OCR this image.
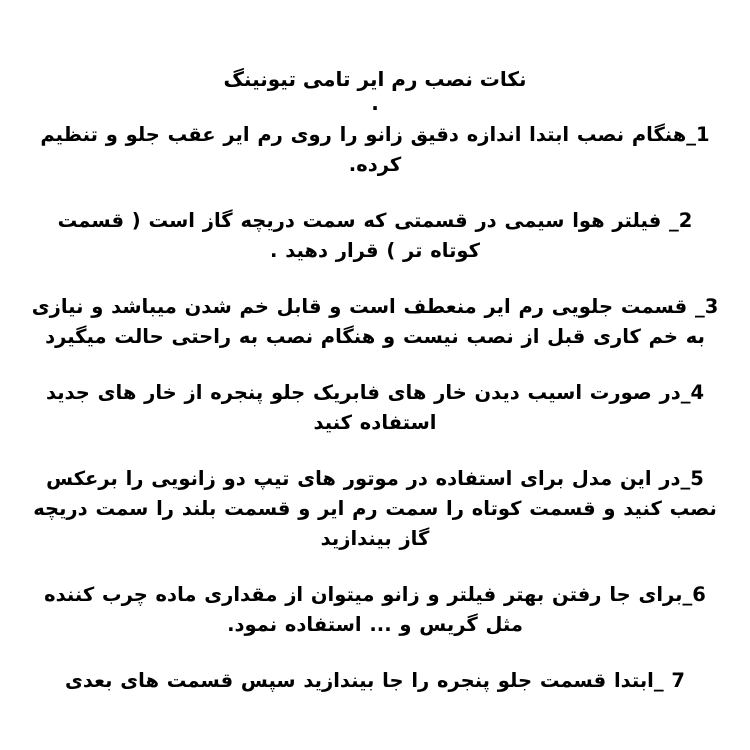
نکات نصب رم ایر تامی تیونینگ
.

1_هنگام نصب ابتدا اندازه دقیق زانو را روی رم ایر عقب جلو و تنظیم کرده.

2_ فیلتر هوا سیمی در قسمتی که سمت دریچه گاز است ( قسمت کوتاه تر ) قرار دهید .

3_ قسمت جلویی رم ایر منعطف است و قابل خم شدن میباشد و نیازی به خم کاری قبل از نصب نیست و هنگام نصب به راحتی حالت میگیرد

4_در صورت اسیب دیدن خار های فابریک جلو پنجره از خار های جدید استفاده کنید

5_در این مدل برای استفاده در موتور های تیپ دو زانویی را برعکس نصب کنید و قسمت کوتاه را سمت رم ایر و قسمت بلند را سمت دریچه گاز بیندازید

6_برای جا رفتن بهتر فیلتر و زانو میتوان از مقداری ماده چرب کننده مثل گریس و ... استفاده نمود.

7 _ابتدا قسمت جلو پنجره را جا بیندازید سپس قسمت های بعدی
